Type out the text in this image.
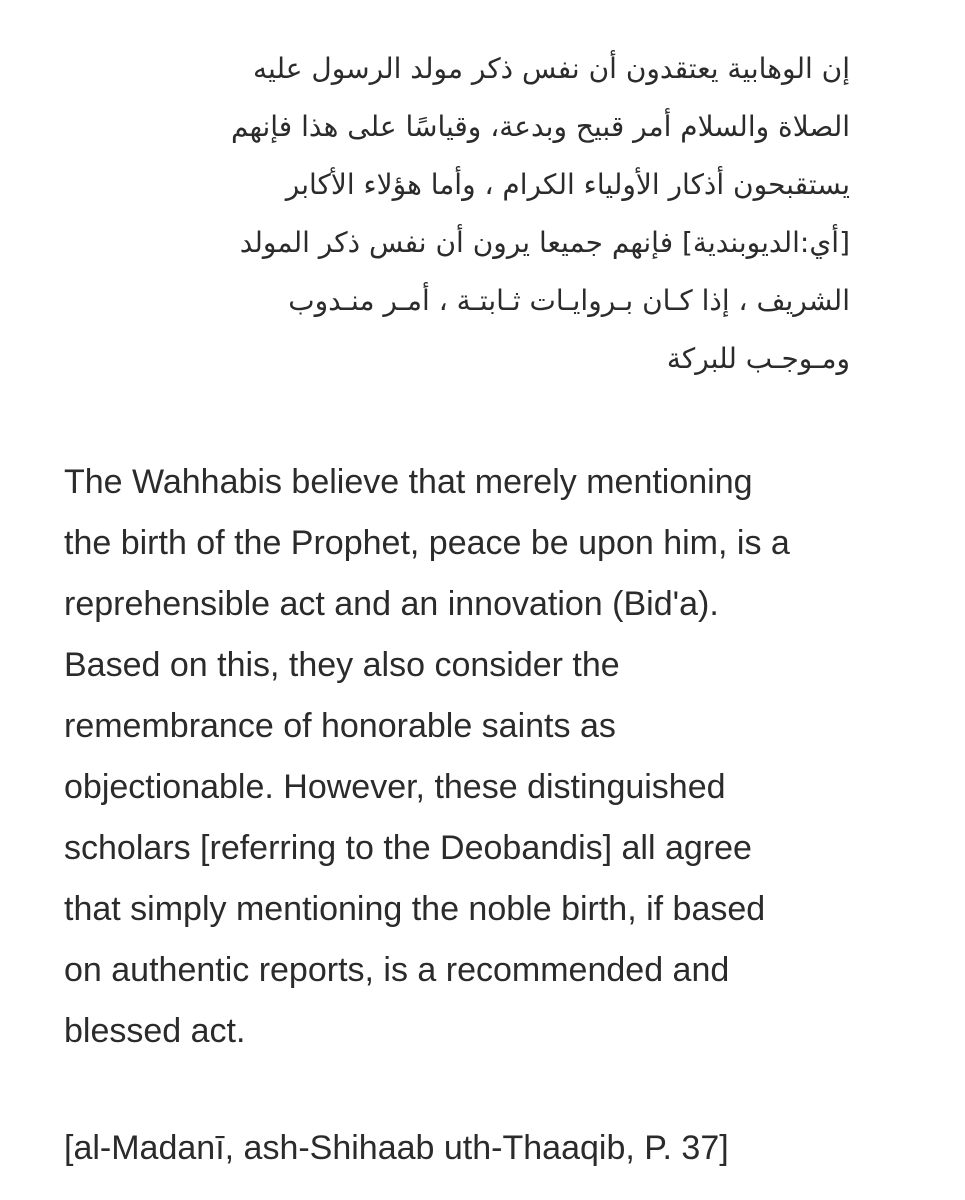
إن الوهابية يعتقدون أن نفس ذكر مولد الرسول عليه
الصلاة والسلام أمر قبيح وبدعة، وقياسًا على هذا فإنهم
يستقبحون أذكار الأولياء الكرام ، وأما هؤلاء الأكابر
[أي:الديوبندية] فإنهم جميعا يرون أن نفس ذكر المولد
الشريف ، إذا كـان بـروايـات ثـابتـة ، أمـر منـدوب
ومـوجـب للبركة
The Wahhabis believe that merely mentioning
the birth of the Prophet, peace be upon him, is a
reprehensible act and an innovation (Bid'a).
Based on this, they also consider the
remembrance of honorable saints as
objectionable. However, these distinguished
scholars [referring to the Deobandis] all agree
that simply mentioning the noble birth, if based
on authentic reports, is a recommended and
blessed act.
[al-Madanī, ash-Shihaab uth-Thaaqib, P. 37]
